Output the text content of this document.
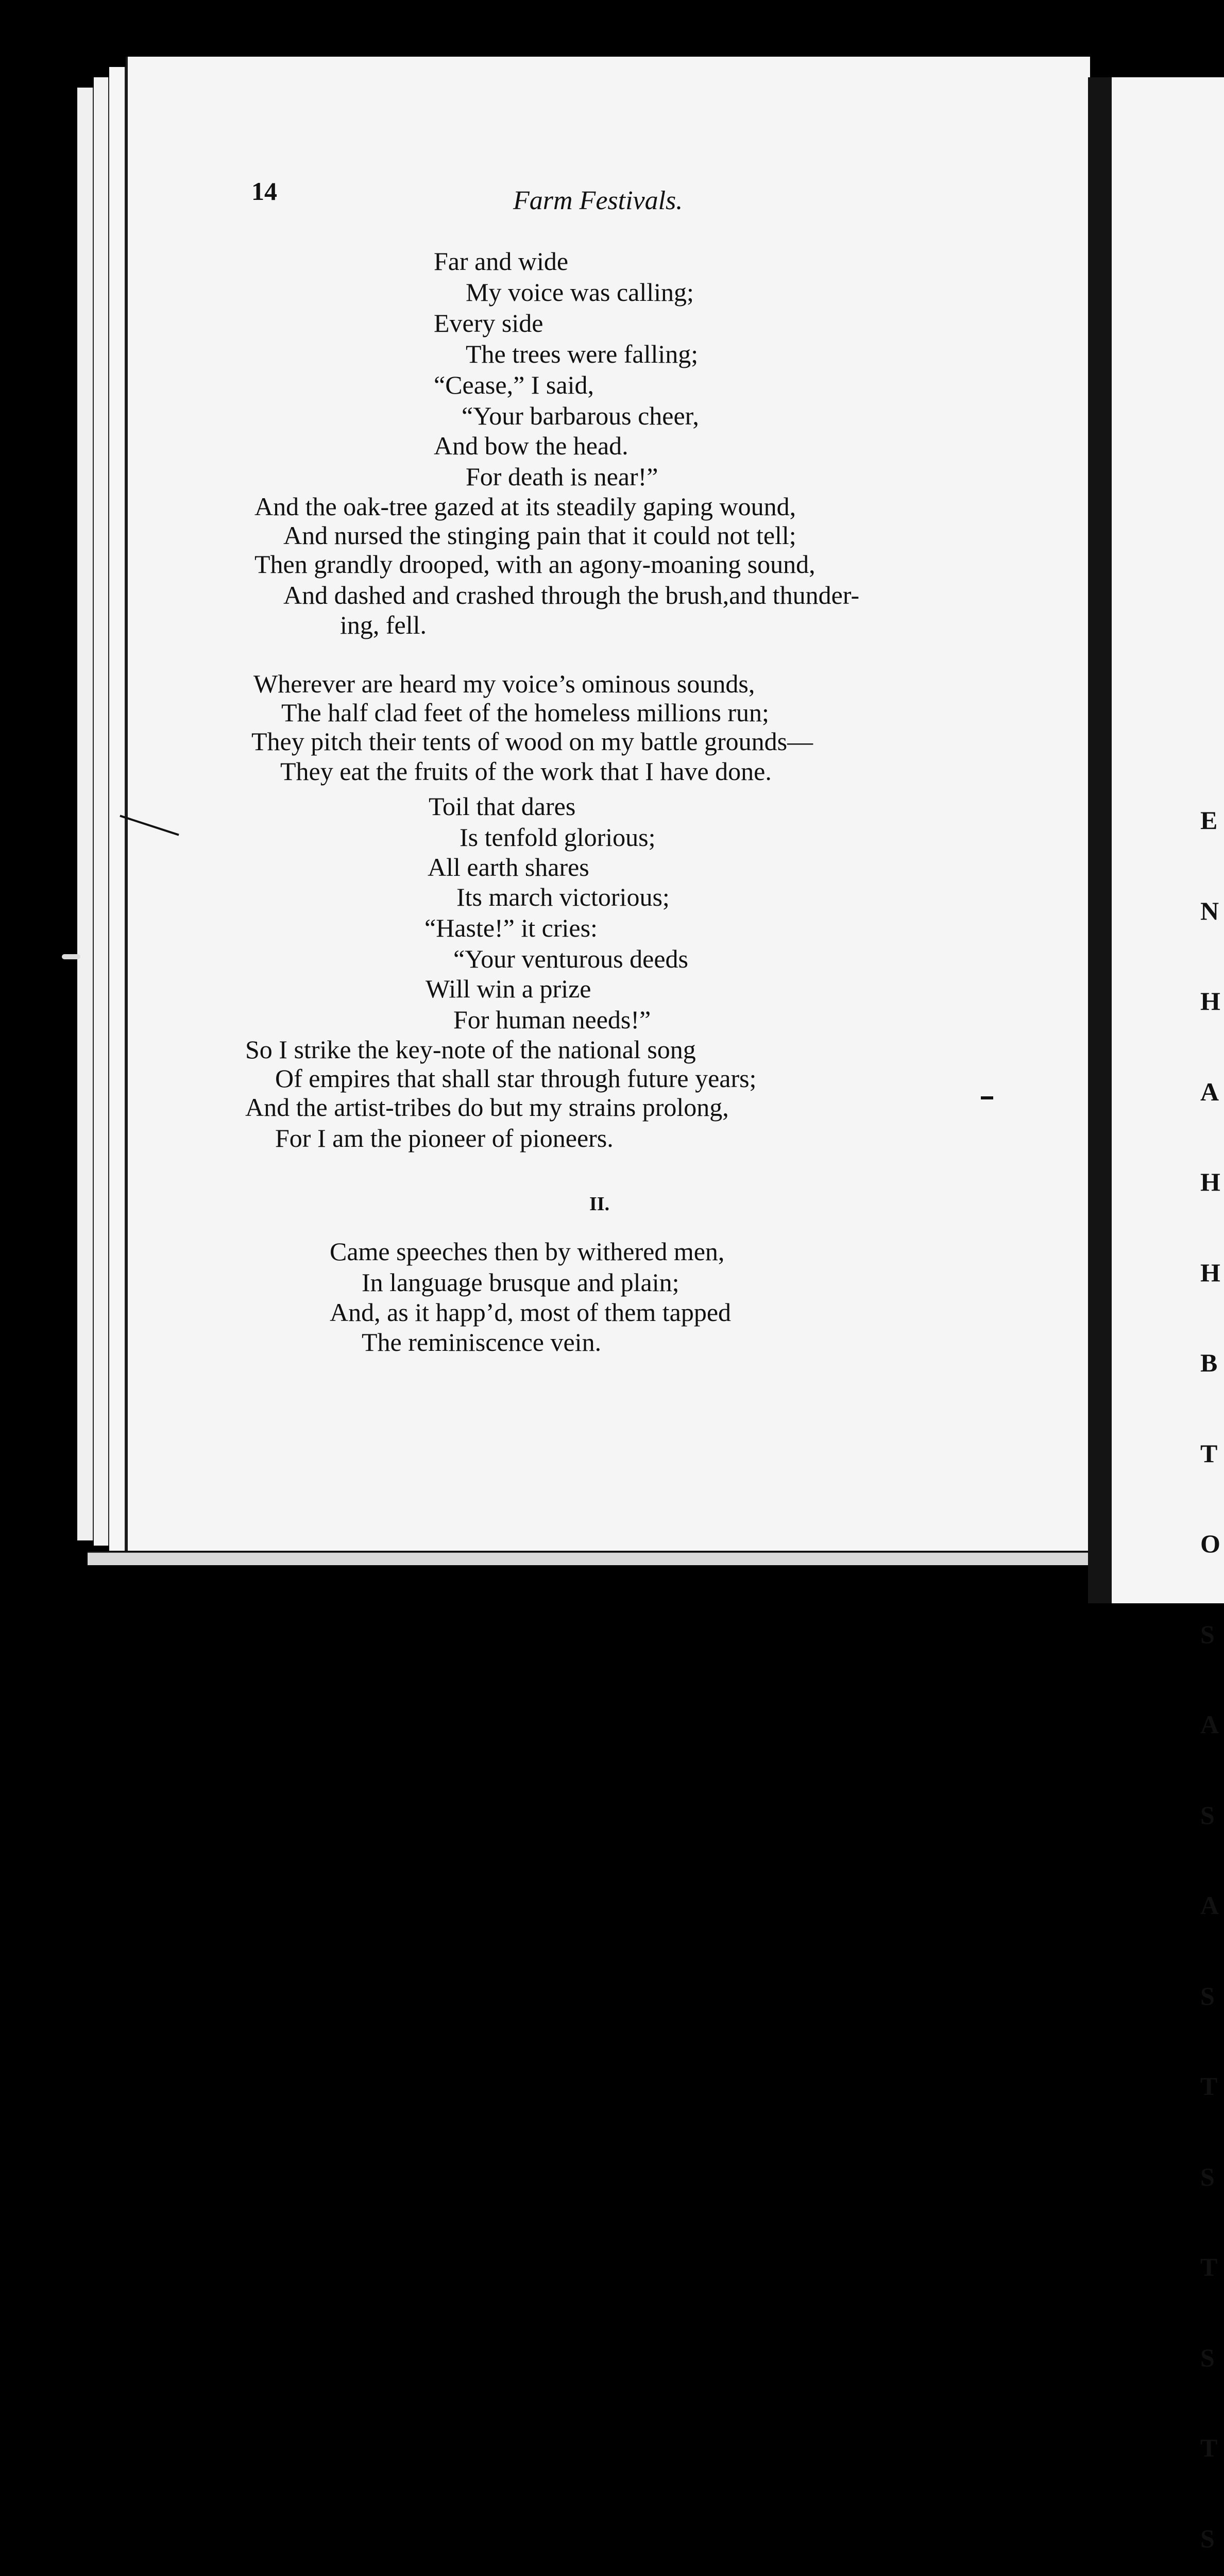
14	Farm Festivals.
Far and wide
My voice was calling;
Every side
The trees were falling;
“Cease,” I said,
“Your barbarous cheer,
And bow the head.
For death is near!”
And the oak-tree gazed at its steadily gaping wound,
And nursed the stinging pain that it could not tell;
Then grandly drooped, with an agony-moaning sound,
And dashed and crashed through the brush,and thunder-
ing, fell.
Wherever are heard my voice’s ominous sounds,
The half clad feet of the homeless millions run;
They pitch their tents of wood on my battle grounds—
They eat the fruits of the work that I have done.
Toil that dares
Is tenfold glorious;
All earth shares
Its march victorious;
“Haste!” it cries:
“Your venturous deeds
Will win a prize
For human needs!”
So I strike the key-note of the national song
Of empires that shall star through future years;
And the artist-tribes do but my strains prolong,
For I am the pioneer of pioneers.
II.
Came speeches then by withered men,
In language brusque and plain;
And, as it happ’d, most of them tapped
The reminiscence vein.

E

N

H

A

H

H

B

T

O

S

A

S

A

S

T

S

T

S

T

S
